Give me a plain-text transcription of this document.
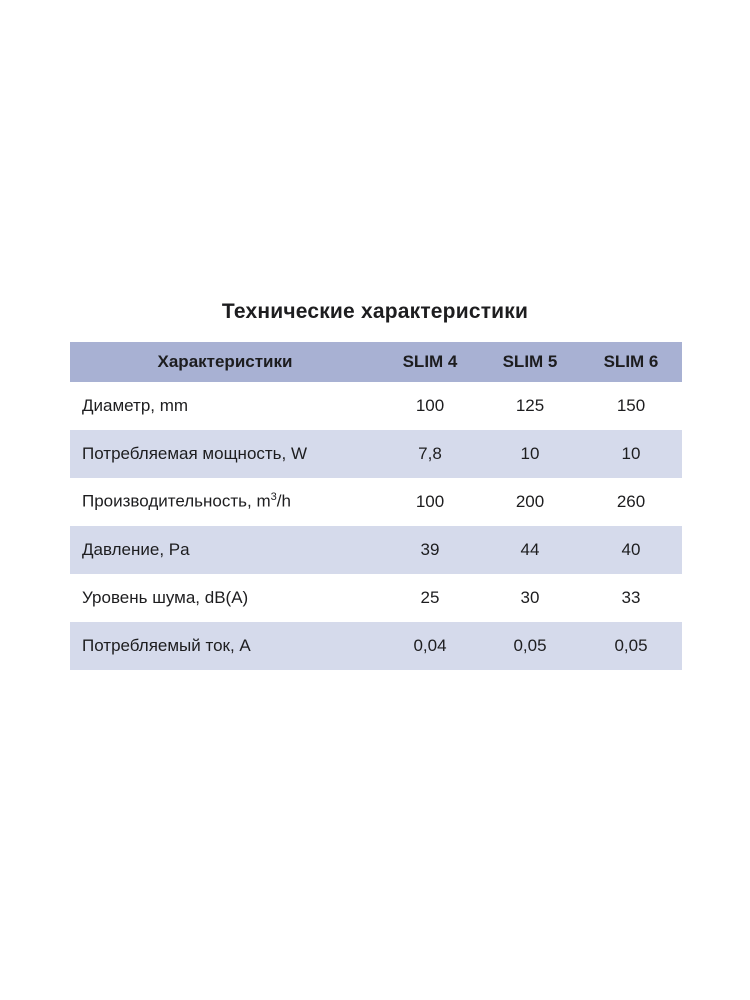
Технические характеристики
Характеристики	SLIM 4	SLIM 5	SLIM 6
Диаметр, mm	100	125	150
Потребляемая мощность, W	7,8	10	10
Производительность, $m^3/h$	100	200	260
Давление, Pa	39	44	40
Уровень шума, dB(A)	25	30	33
Потребляемый ток, A	0,04	0,05	0,05
